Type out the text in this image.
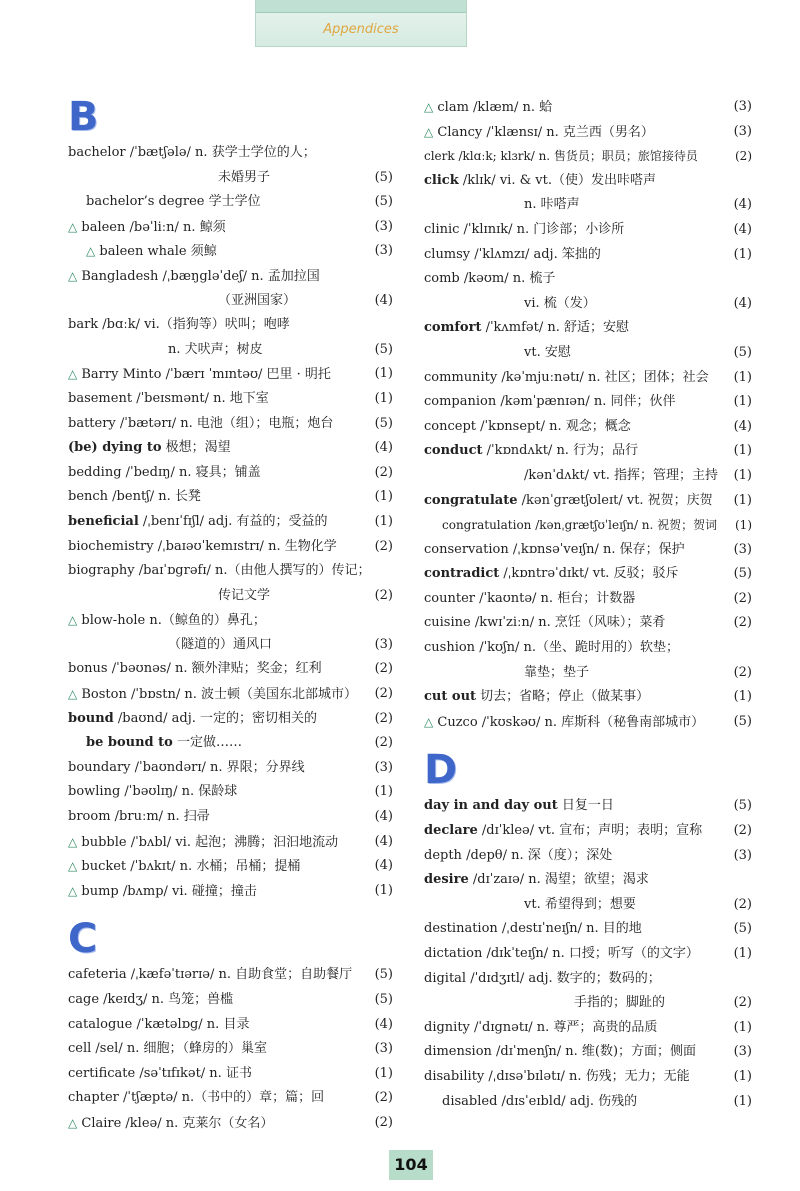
Appendices
B
bachelor /ˈbætʃələ/ n. 获学士学位的人；
未婚男子	(5)
bachelor’s degree 学士学位	(5)
△ baleen /bəˈliːn/ n. 鲸须	(3)
△ baleen whale 须鲸	(3)
△ Bangladesh /ˌbæŋgləˈdeʃ/ n. 孟加拉国
（亚洲国家）	(4)
bark /bɑːk/ vi.（指狗等）吠叫；咆哮
n. 犬吠声；树皮	(5)
△ Barry Minto /ˈbærɪ ˈmɪntəʊ/ 巴里 · 明托	(1)
basement /ˈbeɪsmənt/ n. 地下室	(1)
battery /ˈbætərɪ/ n. 电池（组）；电瓶；炮台	(5)
(be) dying to 极想；渴望	(4)
bedding /ˈbedɪŋ/ n. 寝具；铺盖	(2)
bench /bentʃ/ n. 长凳	(1)
beneficial /ˌbenɪˈfɪʃl/ adj. 有益的；受益的	(1)
biochemistry /ˌbaɪəʊˈkemɪstrɪ/ n. 生物化学	(2)
biography /baɪˈɒgrəfɪ/ n.（由他人撰写的）传记；
传记文学	(2)
△ blow-hole n.（鲸鱼的）鼻孔；
（隧道的）通风口	(3)
bonus /ˈbəʊnəs/ n. 额外津贴；奖金；红利	(2)
△ Boston /ˈbɒstn/ n. 波士顿（美国东北部城市） (2)
bound /baʊnd/ adj. 一定的；密切相关的	(2)
be bound to 一定做……	(2)
boundary /ˈbaʊndərɪ/ n. 界限；分界线	(3)
bowling /ˈbəʊlɪŋ/ n. 保龄球	(1)
broom /bruːm/ n. 扫帚	(4)
△ bubble /ˈbʌbl/ vi. 起泡；沸腾；汩汩地流动	(4)
△ bucket /ˈbʌkɪt/ n. 水桶；吊桶；提桶	(4)
△ bump /bʌmp/ vi. 碰撞；撞击	(1)
C
cafeteria /ˌkæfəˈtɪərɪə/ n. 自助食堂；自助餐厅 (5)
cage /keɪdʒ/ n. 鸟笼；兽槛	(5)
catalogue /ˈkætəlɒg/ n. 目录	(4)
cell /sel/ n. 细胞；（蜂房的）巢室	(3)
certificate /səˈtɪfɪkət/ n. 证书	(1)
chapter /ˈtʃæptə/ n.（书中的）章；篇；回	(2)
△ Claire /kleə/ n. 克莱尔（女名）	(2)
△ clam /klæm/ n. 蛤	(3)
△ Clancy /ˈklænsɪ/ n. 克兰西（男名）	(3)
clerk /klɑːk; klɜrk/ n. 售货员；职员；旅馆接待员	(2)
click /klɪk/ vi. & vt.（使）发出咔嗒声
n. 咔嗒声	(4)
clinic /ˈklɪnɪk/ n. 门诊部；小诊所	(4)
clumsy /ˈklʌmzɪ/ adj. 笨拙的	(1)
comb /kəʊm/ n. 梳子
vi. 梳（发）	(4)
comfort /ˈkʌmfət/ n. 舒适；安慰
vt. 安慰	(5)
community /kəˈmjuːnətɪ/ n. 社区；团体；社会 (1)
companion /kəmˈpænɪən/ n. 同伴；伙伴	(1)
concept /ˈkɒnsept/ n. 观念；概念	(4)
conduct /ˈkɒndʌkt/ n. 行为；品行	(1)
/kənˈdʌkt/ vt. 指挥；管理；主持 (1)
congratulate /kənˈgrætʃʊleɪt/ vt. 祝贺；庆贺 (1)
congratulation /kənˌgrætʃʊˈleɪʃn/ n. 祝贺；贺词 (1)
conservation /ˌkɒnsəˈveɪʃn/ n. 保存；保护	(3)
contradict /ˌkɒntrəˈdɪkt/ vt. 反驳；驳斥	(5)
counter /ˈkaʊntə/ n. 柜台；计数器	(2)
cuisine /kwɪˈziːn/ n. 烹饪（风味）；菜肴	(2)
cushion /ˈkʊʃn/ n.（坐、跪时用的）软垫；
靠垫；垫子	(2)
cut out 切去；省略；停止（做某事）	(1)
△ Cuzco /ˈkʊskəʊ/ n. 库斯科（秘鲁南部城市） (5)
D
day in and day out 日复一日	(5)
declare /dɪˈkleə/ vt. 宣布；声明；表明；宣称 (2)
depth /depθ/ n. 深（度）；深处	(3)
desire /dɪˈzaɪə/ n. 渴望；欲望；渴求
vt. 希望得到；想要	(2)
destination /ˌdestɪˈneɪʃn/ n. 目的地	(5)
dictation /dɪkˈteɪʃn/ n. 口授；听写（的文字）	(1)
digital /ˈdɪdʒɪtl/ adj. 数字的；数码的；
手指的；脚趾的	(2)
dignity /ˈdɪgnətɪ/ n. 尊严；高贵的品质	(1)
dimension /dɪˈmenʃn/ n. 维(数)；方面；侧面	(3)
disability /ˌdɪsəˈbɪlətɪ/ n. 伤残；无力；无能	(1)
disabled /dɪsˈeɪbld/ adj. 伤残的	(1)
104
